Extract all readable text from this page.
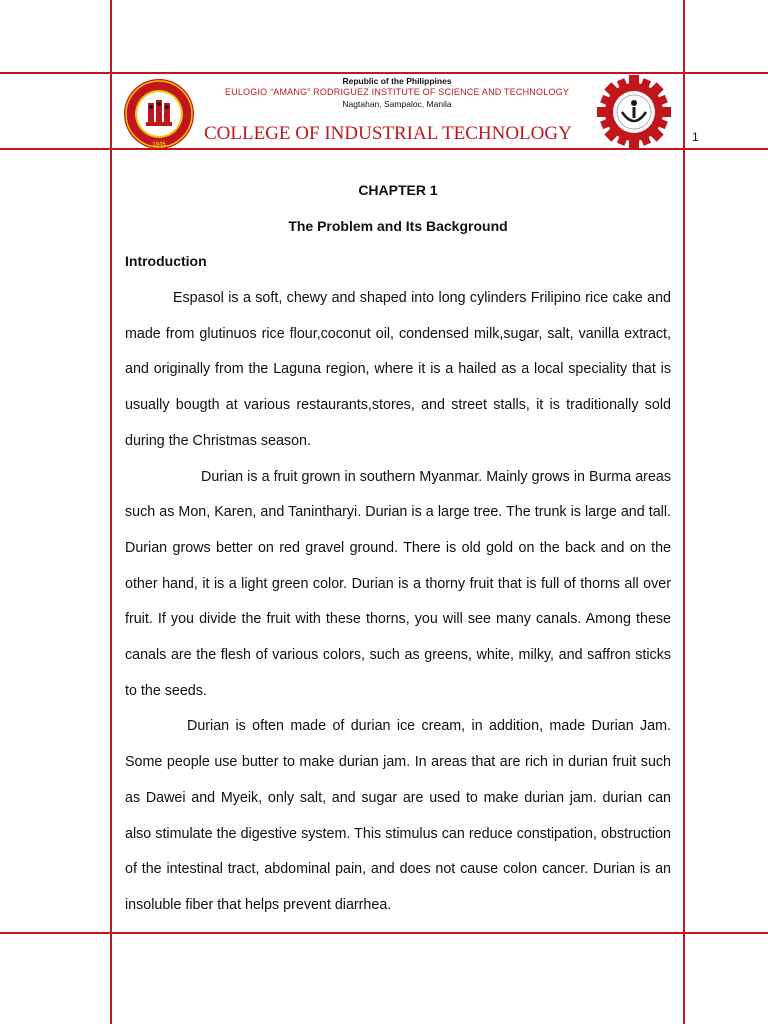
1945
Republic of the Philippines
EULOGIO “AMANG” RODRIGUEZ INSTITUTE OF SCIENCE AND TECHNOLOGY
Nagtahan, Sampaloc, Manila
COLLEGE OF INDUSTRIAL TECHNOLOGY	1

CHAPTER 1

The Problem and Its Background

Introduction

Espasol is a soft, chewy and shaped into long cylinders Frilipino rice cake and made from glutinuos rice flour,coconut oil, condensed milk,sugar, salt, vanilla extract, and originally from the Laguna region, where it is a hailed as a local speciality that is usually bougth at various restaurants,stores, and street stalls, it is traditionally sold during the Christmas season.

Durian is a fruit grown in southern Myanmar. Mainly grows in Burma areas such as Mon, Karen, and Tanintharyi. Durian is a large tree. The trunk is large and tall. Durian grows better on red gravel ground. There is old gold on the back and on the other hand, it is a light green color. Durian is a thorny fruit that is full of thorns all over fruit. If you divide the fruit with these thorns, you will see many canals. Among these canals are the flesh of various colors, such as greens, white, milky, and saffron sticks to the seeds.

Durian is often made of durian ice cream, in addition, made Durian Jam. Some people use butter to make durian jam. In areas that are rich in durian fruit such as Dawei and Myeik, only salt, and sugar are used to make durian jam. durian can also stimulate the digestive system. This stimulus can reduce constipation, obstruction of the intestinal tract, abdominal pain, and does not cause colon cancer. Durian is an insoluble fiber that helps prevent diarrhea.
